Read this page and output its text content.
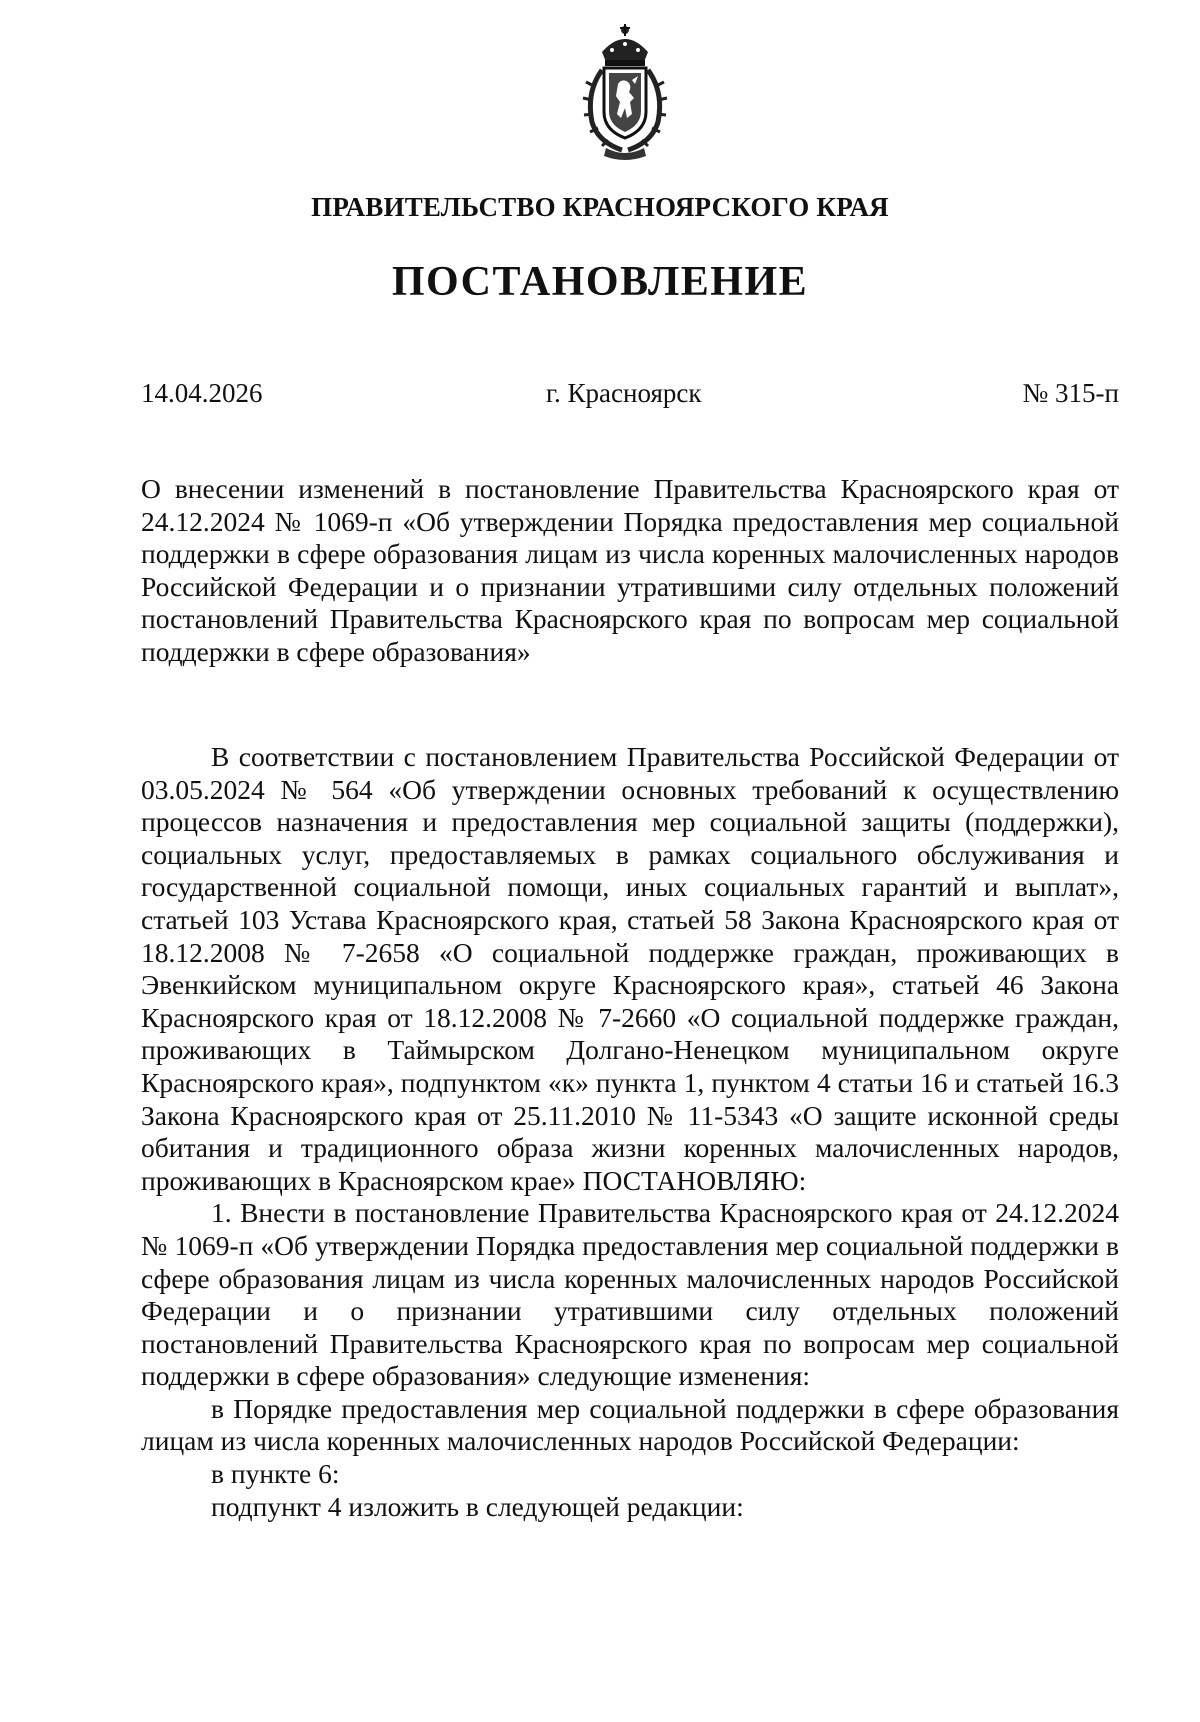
ПРАВИТЕЛЬСТВО КРАСНОЯРСКОГО КРАЯ
ПОСТАНОВЛЕНИЕ
14.04.2026	г. Красноярск	№ 315-п
О внесении изменений в постановление Правительства Красноярского края от 24.12.2024 № 1069-п «Об утверждении Порядка предоставления мер социальной поддержки в сфере образования лицам из числа коренных малочисленных народов Российской Федерации и о признании утратившими силу отдельных положений постановлений Правительства Красноярского края по вопросам мер социальной поддержки в сфере образования»

В соответствии с постановлением Правительства Российской Федерации от 03.05.2024 № 564 «Об утверждении основных требований к осуществлению процессов назначения и предоставления мер социальной защиты (поддержки), социальных услуг, предоставляемых в рамках социального обслуживания и государственной социальной помощи, иных социальных гарантий и выплат», статьей 103 Устава Красноярского края, статьей 58 Закона Красноярского края от 18.12.2008 № 7-2658 «О социальной поддержке граждан, проживающих в Эвенкийском муниципальном округе Красноярского края», статьей 46 Закона Красноярского края от 18.12.2008 № 7-2660 «О социальной поддержке граждан, проживающих в Таймырском Долгано-Ненецком муниципальном округе Красноярского края», подпунктом «к» пункта 1, пунктом 4 статьи 16 и статьей 16.3 Закона Красноярского края от 25.11.2010 № 11-5343 «О защите исконной среды обитания и традиционного образа жизни коренных малочисленных народов, проживающих в Красноярском крае» ПОСТАНОВЛЯЮ:

1. Внести в постановление Правительства Красноярского края от 24.12.2024 № 1069-п «Об утверждении Порядка предоставления мер социальной поддержки в сфере образования лицам из числа коренных малочисленных народов Российской Федерации и о признании утратившими силу отдельных положений постановлений Правительства Красноярского края по вопросам мер социальной поддержки в сфере образования» следующие изменения:

в Порядке предоставления мер социальной поддержки в сфере образования лицам из числа коренных малочисленных народов Российской Федерации:

в пункте 6:

подпункт 4 изложить в следующей редакции:
